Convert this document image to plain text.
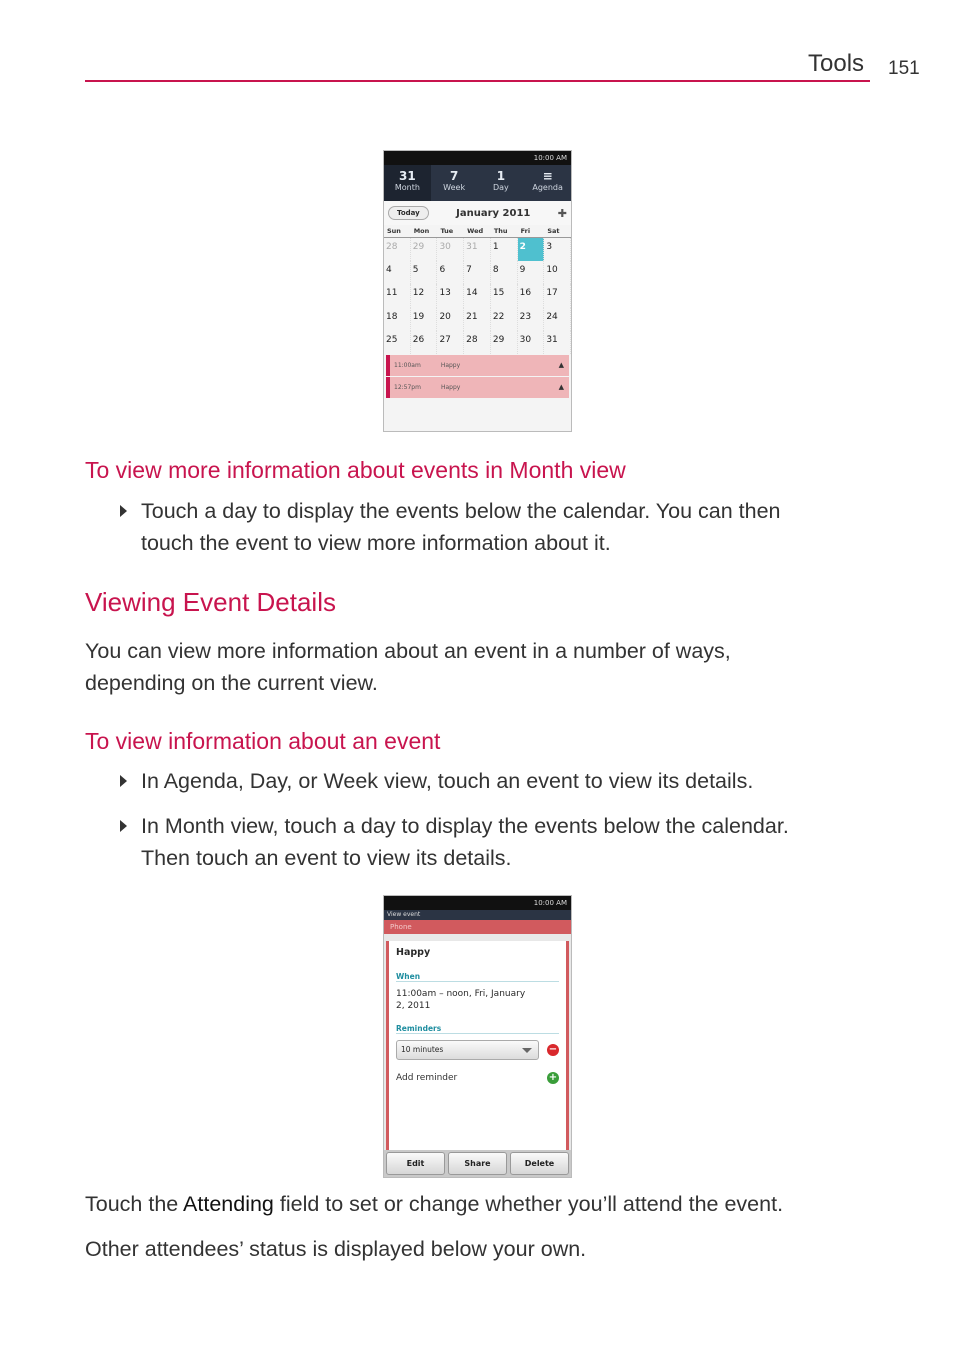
Tools 151
10:00 AM
31
Month
7
Week
1
Day
≡
Agenda
Today	January 2011 ✚
Sun	Mon	Tue	Wed	Thu	Fri	Sat
28	29	30	31	1	2	3
4	5	6	7	8	9	10
11	12	13	14	15	16	17
18	19	20	21	22	23	24
25	26	27	28	29	30	31
11:00am	Happy	▲
12:57pm	Happy	▲
To view more information about events in Month view
Touch a day to display the events below the calendar. You can then
touch the event to view more information about it.
Viewing Event Details
You can view more information about an event in a number of ways,
depending on the current view.
To view information about an event
In Agenda, Day, or Week view, touch an event to view its details.
In Month view, touch a day to display the events below the calendar.
Then touch an event to view its details.
10:00 AM
View event
Phone
Happy
When
11:00am – noon, Fri, January
2, 2011
Reminders
10 minutes	−
Add reminder	+
Edit	Share	Delete
Touch the Attending field to set or change whether you’ll attend the event.
Other attendees’ status is displayed below your own.
